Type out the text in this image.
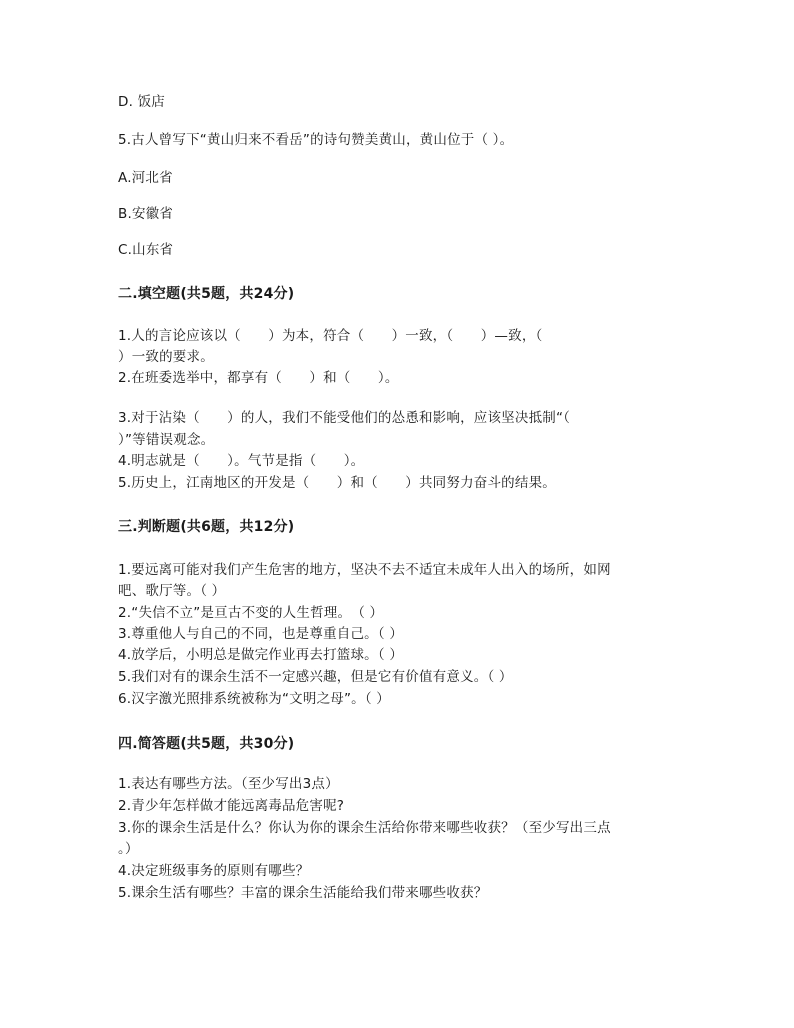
D. 饭店
5.古人曾写下“黄山归来不看岳”的诗句赞美黄山，黄山位于（ ）。
A.河北省
B.安徽省
C.山东省
二.填空题(共5题，共24分)
1.人的言论应该以（　　）为本，符合（　　）一致，（　　）—致，（
）一致的要求。
2.在班委选举中，都享有（　　）和（　　）。
3.对于沾染（　　）的人，我们不能受他们的怂恿和影响，应该坚决抵制“（
）”等错误观念。
4.明志就是（　　）。气节是指（　　）。
5.历史上，江南地区的开发是（　　）和（　　）共同努力奋斗的结果。
三.判断题(共6题，共12分)
1.要远离可能对我们产生危害的地方，坚决不去不适宜未成年人出入的场所，如网
吧、歌厅等。（ ）
2.“失信不立”是亘古不变的人生哲理。　（ ）
3.尊重他人与自己的不同，也是尊重自己。（ ）
4.放学后，小明总是做完作业再去打篮球。（ ）
5.我们对有的课余生活不一定感兴趣，但是它有价值有意义。（ ）
6.汉字激光照排系统被称为“文明之母”。（ ）
四.简答题(共5题，共30分)
1.表达有哪些方法。（至少写出3点）
2.青少年怎样做才能远离毒品危害呢?
3.你的课余生活是什么？你认为你的课余生活给你带来哪些收获？（至少写出三点
。）
4.决定班级事务的原则有哪些？
5.课余生活有哪些？丰富的课余生活能给我们带来哪些收获？
